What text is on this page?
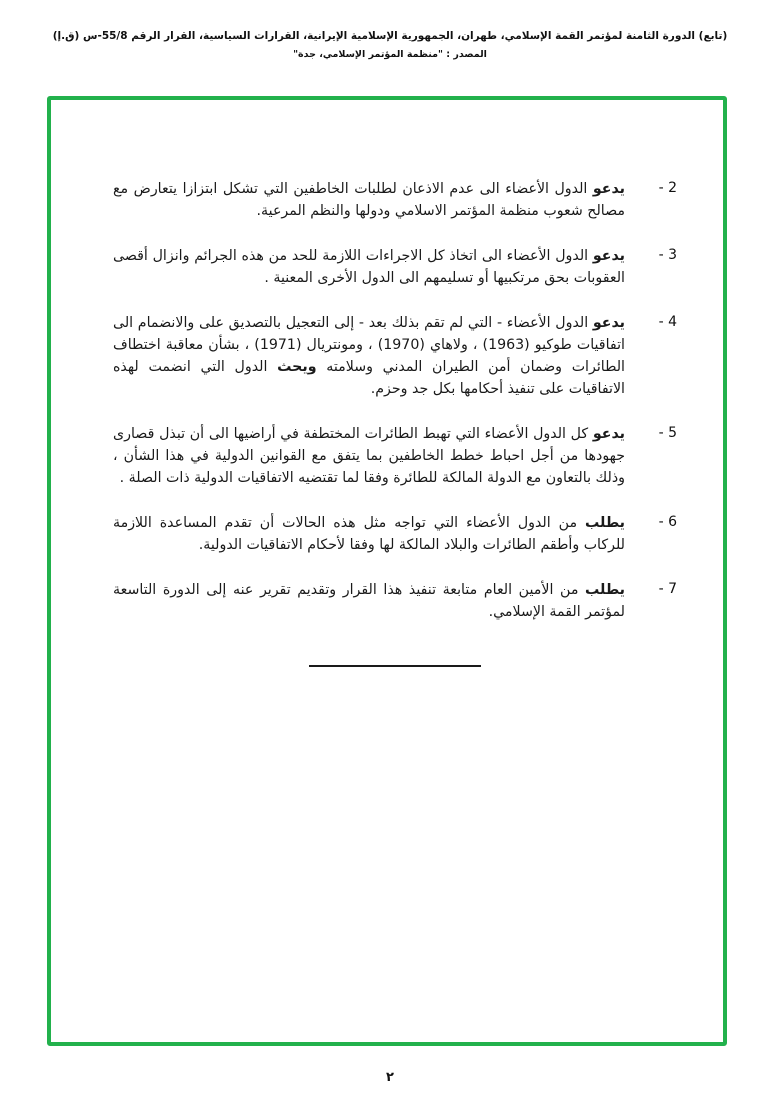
(تابع) الدورة الثامنة لمؤتمر القمة الإسلامي، طهران، الجمهورية الإسلامية الإيرانية، القرارات السياسية، القرار الرقم 55/8-س (ق.إ)
المصدر : "منظمة المؤتمر الإسلامي، جدة"
- 2
يدعو الدول الأعضاء الى عدم الاذعان لطلبات الخاطفين التي تشكل ابتزازا يتعارض مع مصالح شعوب منظمة المؤتمر الاسلامي ودولها والنظم المرعية.
- 3
يدعو الدول الأعضاء الى اتخاذ كل الاجراءات اللازمة للحد من هذه الجرائم وانزال أقصى العقوبات بحق مرتكبيها أو تسليمهم الى الدول الأخرى المعنية .
- 4
يدعو الدول الأعضاء - التي لم تقم بذلك بعد - إلى التعجيل بالتصديق على والانضمام الى اتفاقيات طوكيو (1963) ، ولاهاي (1970) ، ومونتريال (1971) ، بشأن معاقبة اختطاف الطائرات وضمان أمن الطيران المدني وسلامته ويحث الدول التي انضمت لهذه الاتفاقيات على تنفيذ أحكامها بكل جد وحزم.
- 5
يدعو كل الدول الأعضاء التي تهبط الطائرات المختطفة في أراضيها الى أن تبذل قصارى جهودها من أجل احباط خطط الخاطفين بما يتفق مع القوانين الدولية في هذا الشأن ، وذلك بالتعاون مع الدولة المالكة للطائرة وفقا لما تقتضيه الاتفاقيات الدولية ذات الصلة .
- 6
يطلب من الدول الأعضاء التي تواجه مثل هذه الحالات أن تقدم المساعدة اللازمة للركاب وأطقم الطائرات والبلاد المالكة لها وفقا لأحكام الاتفاقيات الدولية.
- 7
يطلب من الأمين العام متابعة تنفيذ هذا القرار وتقديم تقرير عنه إلى الدورة التاسعة لمؤتمر القمة الإسلامي.
٢
